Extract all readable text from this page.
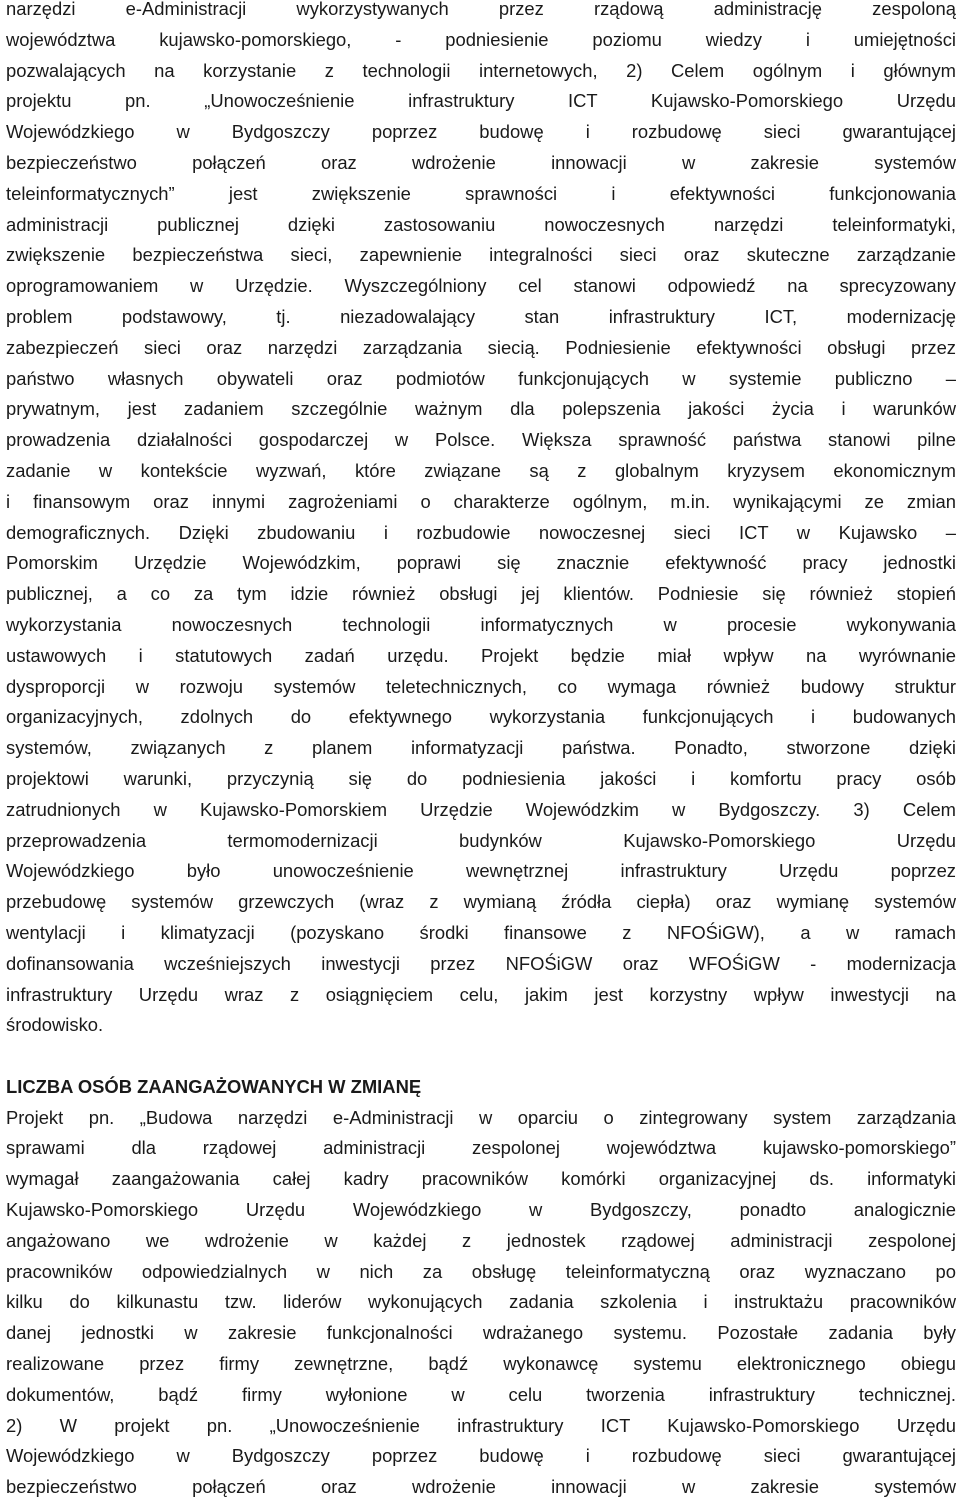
narzędzi e-Administracji wykorzystywanych przez rządową administrację zespoloną
województwa kujawsko-pomorskiego, - podniesienie poziomu wiedzy i umiejętności
pozwalających na korzystanie z technologii internetowych, 2) Celem ogólnym i głównym
projektu pn. „Unowocześnienie infrastruktury ICT Kujawsko-Pomorskiego Urzędu
Wojewódzkiego w Bydgoszczy poprzez budowę i rozbudowę sieci gwarantującej
bezpieczeństwo połączeń oraz wdrożenie innowacji w zakresie systemów
teleinformatycznych” jest zwiększenie sprawności i efektywności funkcjonowania
administracji publicznej dzięki zastosowaniu nowoczesnych narzędzi teleinformatyki,
zwiększenie bezpieczeństwa sieci, zapewnienie integralności sieci oraz skuteczne zarządzanie
oprogramowaniem w Urzędzie. Wyszczególniony cel stanowi odpowiedź na sprecyzowany
problem podstawowy, tj. niezadowalający stan infrastruktury ICT, modernizację
zabezpieczeń sieci oraz narzędzi zarządzania siecią. Podniesienie efektywności obsługi przez
państwo własnych obywateli oraz podmiotów funkcjonujących w systemie publiczno –
prywatnym, jest zadaniem szczególnie ważnym dla polepszenia jakości życia i warunków
prowadzenia działalności gospodarczej w Polsce. Większa sprawność państwa stanowi pilne
zadanie w kontekście wyzwań, które związane są z globalnym kryzysem ekonomicznym
i finansowym oraz innymi zagrożeniami o charakterze ogólnym, m.in. wynikającymi ze zmian
demograficznych. Dzięki zbudowaniu i rozbudowie nowoczesnej sieci ICT w Kujawsko –
Pomorskim Urzędzie Wojewódzkim, poprawi się znacznie efektywność pracy jednostki
publicznej, a co za tym idzie również obsługi jej klientów. Podniesie się również stopień
wykorzystania nowoczesnych technologii informatycznych w procesie wykonywania
ustawowych i statutowych zadań urzędu. Projekt będzie miał wpływ na wyrównanie
dysproporcji w rozwoju systemów teletechnicznych, co wymaga również budowy struktur
organizacyjnych, zdolnych do efektywnego wykorzystania funkcjonujących i budowanych
systemów, związanych z planem informatyzacji państwa. Ponadto, stworzone dzięki
projektowi warunki, przyczynią się do podniesienia jakości i komfortu pracy osób
zatrudnionych w Kujawsko-Pomorskiem Urzędzie Wojewódzkim w Bydgoszczy. 3) Celem
przeprowadzenia termomodernizacji budynków Kujawsko-Pomorskiego Urzędu
Wojewódzkiego było unowocześnienie wewnętrznej infrastruktury Urzędu poprzez
przebudowę systemów grzewczych (wraz z wymianą źródła ciepła) oraz wymianę systemów
wentylacji i klimatyzacji (pozyskano środki finansowe z NFOŚiGW), a w ramach
dofinansowania wcześniejszych inwestycji przez NFOŚiGW oraz WFOŚiGW - modernizacja
infrastruktury Urzędu wraz z osiągnięciem celu, jakim jest korzystny wpływ inwestycji na
środowisko.
LICZBA OSÓB ZAANGAŻOWANYCH W ZMIANĘ
Projekt pn. „Budowa narzędzi e-Administracji w oparciu o zintegrowany system zarządzania
sprawami dla rządowej administracji zespolonej województwa kujawsko-pomorskiego”
wymagał zaangażowania całej kadry pracowników komórki organizacyjnej ds. informatyki
Kujawsko-Pomorskiego Urzędu Wojewódzkiego w Bydgoszczy, ponadto analogicznie
angażowano we wdrożenie w każdej z jednostek rządowej administracji zespolonej
pracowników odpowiedzialnych w nich za obsługę teleinformatyczną oraz wyznaczano po
kilku do kilkunastu tzw. liderów wykonujących zadania szkolenia i instruktażu pracowników
danej jednostki w zakresie funkcjonalności wdrażanego systemu. Pozostałe zadania były
realizowane przez firmy zewnętrzne, bądź wykonawcę systemu elektronicznego obiegu
dokumentów, bądź firmy wyłonione w celu tworzenia infrastruktury technicznej.
2) W projekt pn. „Unowocześnienie infrastruktury ICT Kujawsko-Pomorskiego Urzędu
Wojewódzkiego w Bydgoszczy poprzez budowę i rozbudowę sieci gwarantującej
bezpieczeństwo połączeń oraz wdrożenie innowacji w zakresie systemów
